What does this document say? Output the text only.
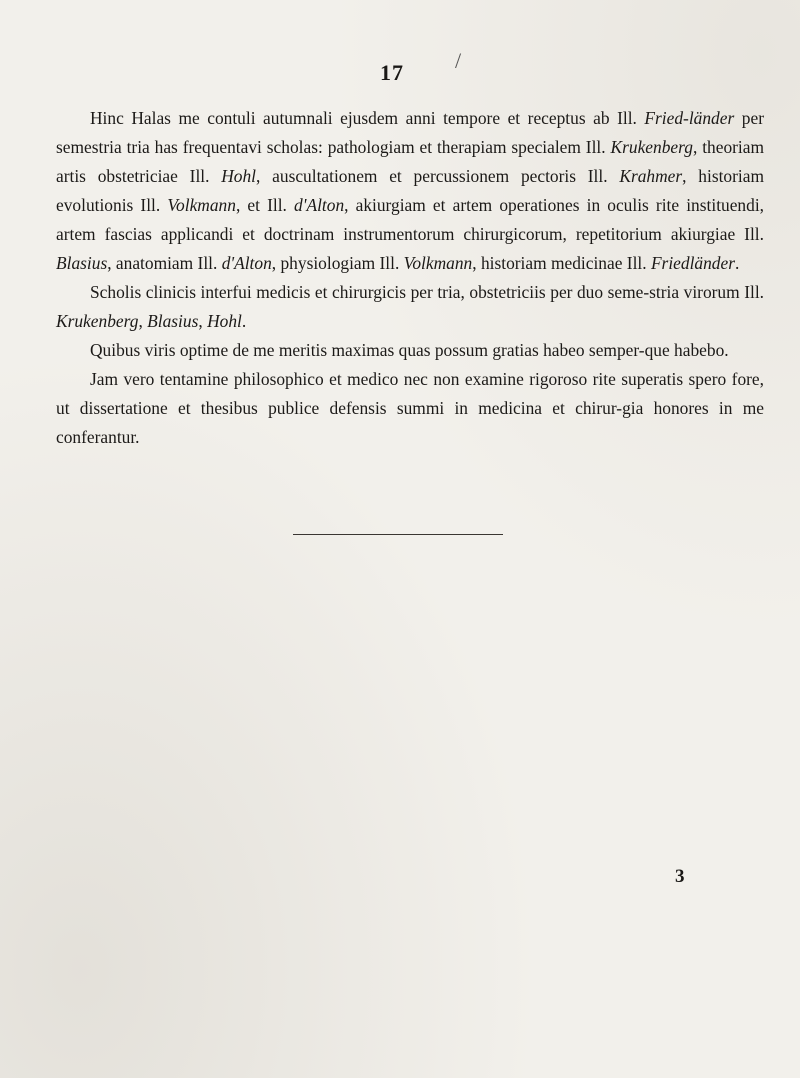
17 /

Hinc Halas me contuli autumnali ejusdem anni tempore et receptus ab Ill. Fried-länder per semestria tria has frequentavi scholas: pathologiam et therapiam specialem Ill. Krukenberg, theoriam artis obstetriciae Ill. Hohl, auscultationem et percussionem pectoris Ill. Krahmer, historiam evolutionis Ill. Volkmann, et Ill. d'Alton, akiurgiam et artem operationes in oculis rite instituendi, artem fascias applicandi et doctrinam instrumentorum chirurgicorum, repetitorium akiurgiae Ill. Blasius, anatomiam Ill. d'Alton, physiologiam Ill. Volkmann, historiam medicinae Ill. Friedländer.

Scholis clinicis interfui medicis et chirurgicis per tria, obstetriciis per duo seme-stria virorum Ill. Krukenberg, Blasius, Hohl.

Quibus viris optime de me meritis maximas quas possum gratias habeo semper-que habebo.

Jam vero tentamine philosophico et medico nec non examine rigoroso rite superatis spero fore, ut dissertatione et thesibus publice defensis summi in medicina et chirur-gia honores in me conferantur.

3
